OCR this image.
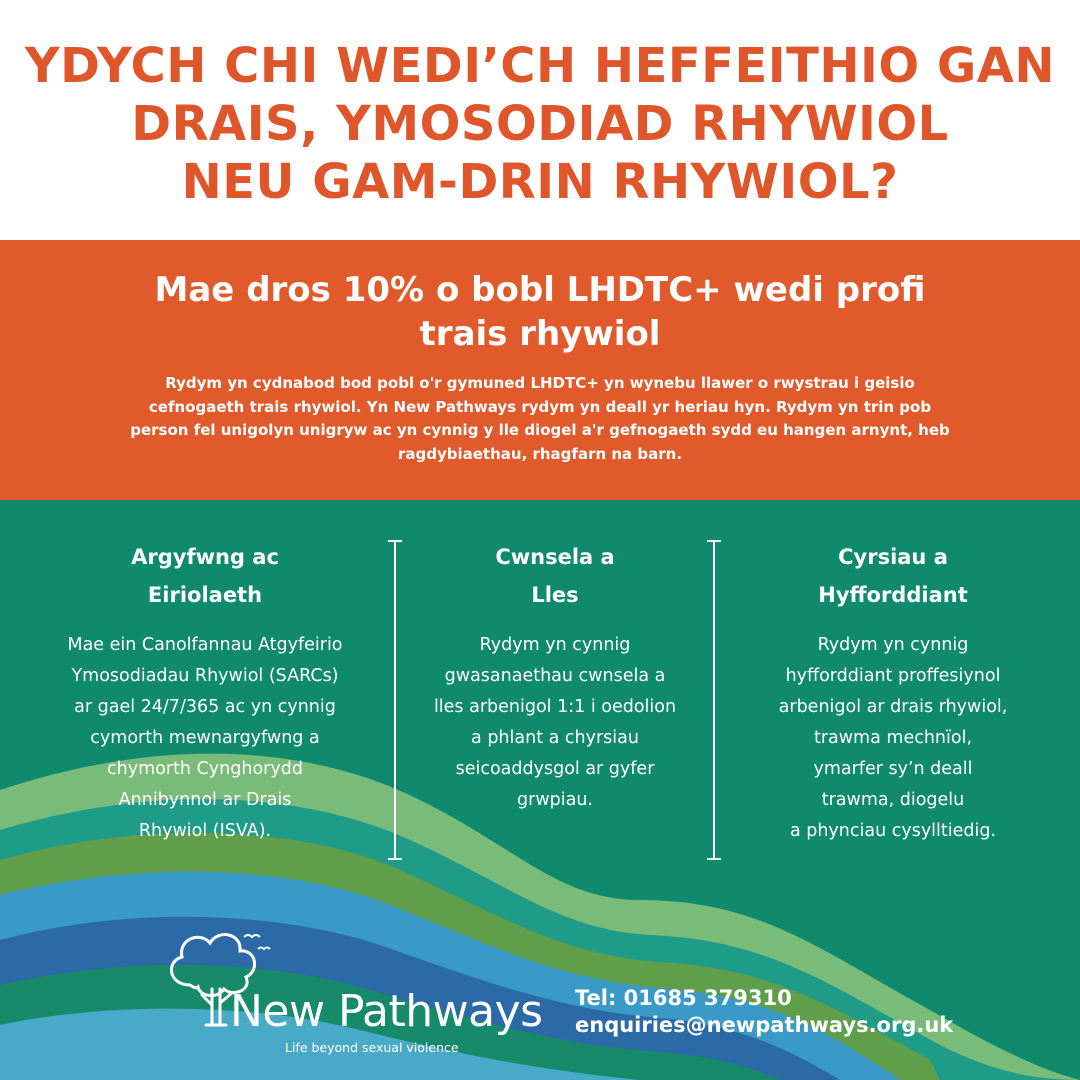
YDYCH CHI WEDI’CH HEFFEITHIO GAN
DRAIS, YMOSODIAD RHYWIOL
NEU GAM-DRIN RHYWIOL?
Mae dros 10% o bobl LHDTC+ wedi profi
trais rhywiol
Rydym yn cydnabod bod pobl o'r gymuned LHDTC+ yn wynebu llawer o rwystrau i geisio
cefnogaeth trais rhywiol. Yn New Pathways rydym yn deall yr heriau hyn. Rydym yn trin pob
person fel unigolyn unigryw ac yn cynnig y lle diogel a'r gefnogaeth sydd eu hangen arnynt, heb
ragdybiaethau, rhagfarn na barn.
Argyfwng ac
Eiriolaeth
Mae ein Canolfannau Atgyfeirio
Ymosodiadau Rhywiol (SARCs)
ar gael 24/7/365 ac yn cynnig
cymorth mewnargyfwng a
chymorth Cynghorydd
Annibynnol ar Drais
Rhywiol (ISVA).
Cwnsela a
Lles
Rydym yn cynnig
gwasanaethau cwnsela a
lles arbenigol 1:1 i oedolion
a phlant a chyrsiau
seicoaddysgol ar gyfer
grwpiau.
Cyrsiau a
Hyfforddiant
Rydym yn cynnig
hyfforddiant proffesiynol
arbenigol ar drais rhywiol,
trawma mechnïol,
ymarfer sy’n deall
trawma, diogelu
a phynciau cysylltiedig.
New Pathways
Life beyond sexual violence
Tel: 01685 379310
enquiries@newpathways.org.uk
